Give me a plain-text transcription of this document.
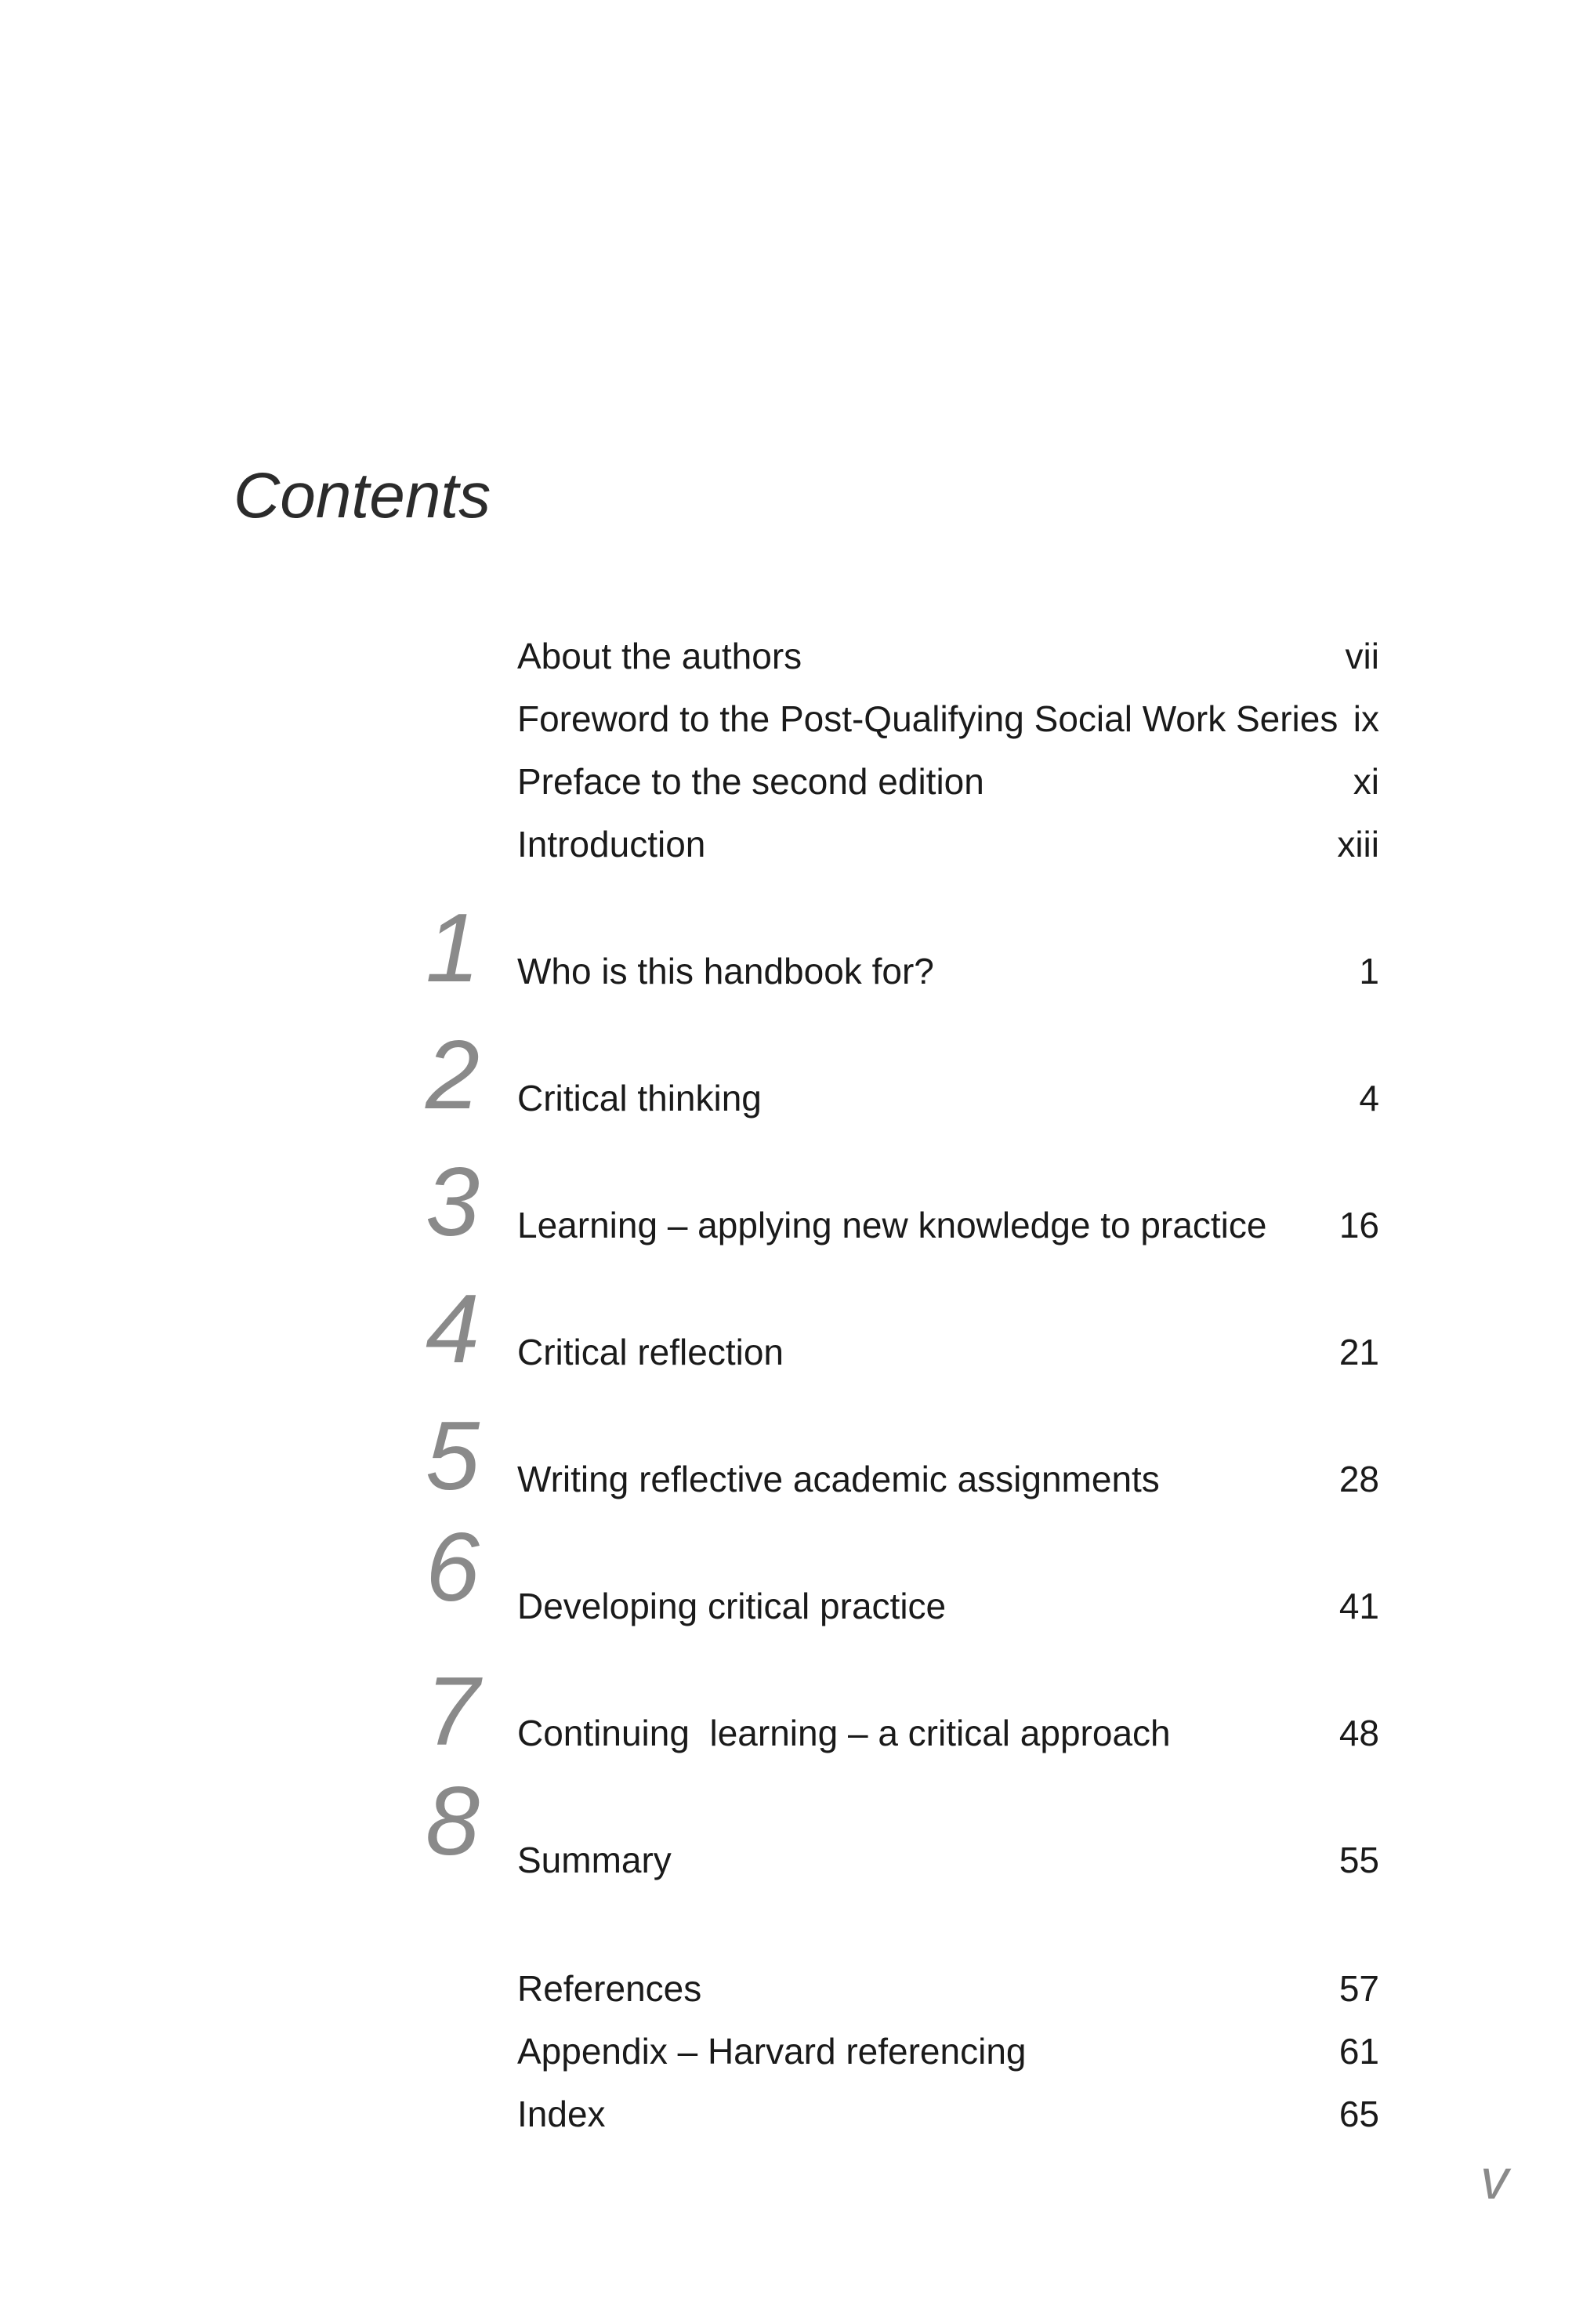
Contents
About the authors	vii
Foreword to the Post-Qualifying Social Work Series ix
Preface to the second edition	xi
Introduction	xiii
1 Who is this handbook for?	1
2 Critical thinking	4
3 Learning – applying new knowledge to practice 16
4 Critical reflection	21
5 Writing reflective academic assignments	28
6 Developing critical practice	41
7 Continuing  learning – a critical approach	48
8 Summary	55
References	57
Appendix – Harvard referencing	61
Index	65
v
